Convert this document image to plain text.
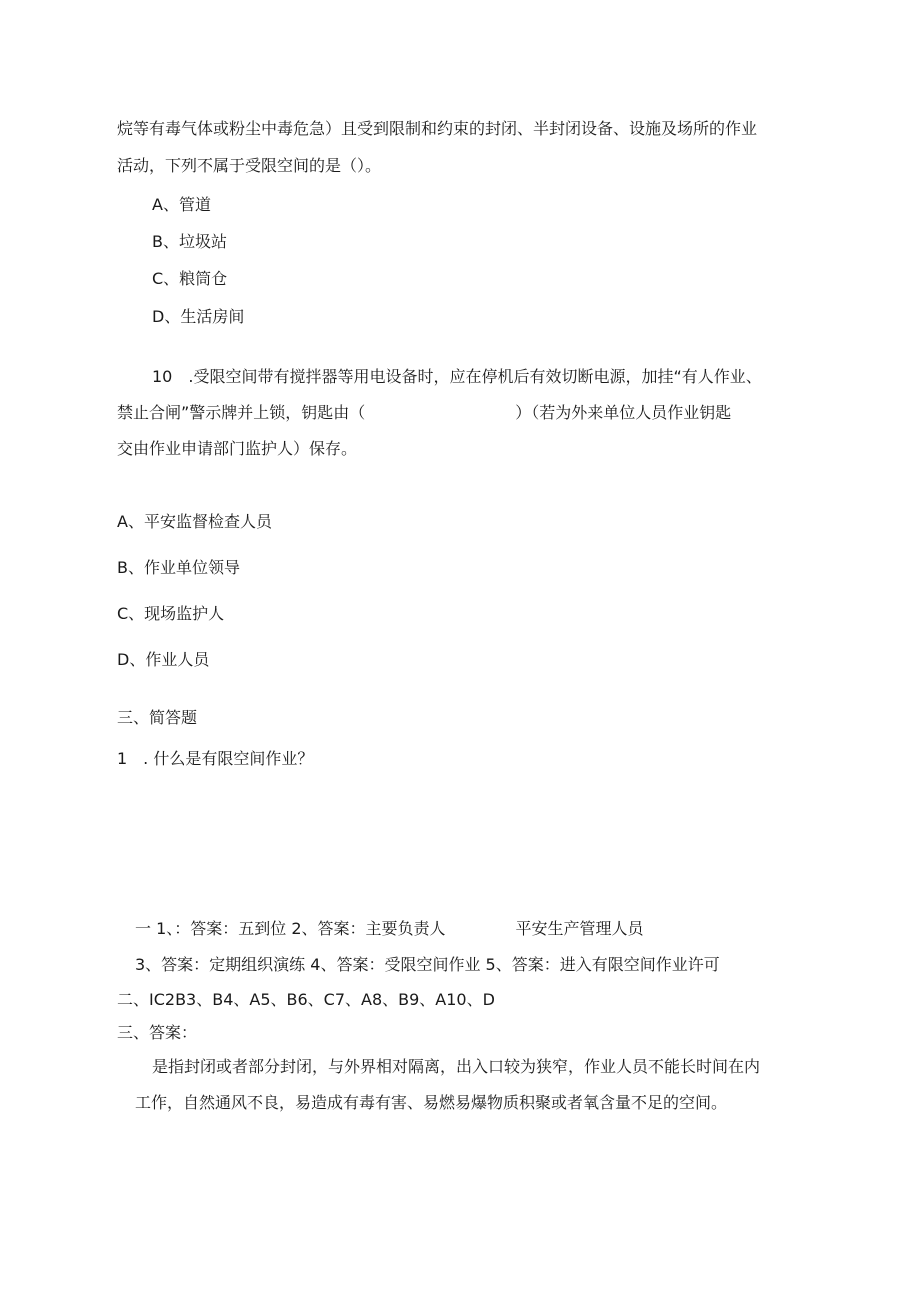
烷等有毒气体或粉尘中毒危急）且受到限制和约束的封闭、半封闭设备、设施及场所的作业
活动，下列不属于受限空间的是（）。
A、管道
B、垃圾站
C、粮筒仓
D、生活房间
10　.受限空间带有搅拌器等用电设备时，应在停机后有效切断电源，加挂“有人作业、
禁止合闸”警示牌并上锁，钥匙由（	）（若为外来单位人员作业钥匙
交由作业申请部门监护人）保存。
A、平安监督检查人员
B、作业单位领导
C、现场监护人
D、作业人员
三、简答题
1　. 什么是有限空间作业？
一 1、：答案：五到位 2、答案：主要负责人	平安生产管理人员
3、答案：定期组织演练 4、答案：受限空间作业 5、答案：进入有限空间作业许可
二、IC2B3、B4、A5、B6、C7、A8、B9、A10、D
三、答案：
是指封闭或者部分封闭，与外界相对隔离，出入口较为狭窄，作业人员不能长时间在内
工作，自然通风不良，易造成有毒有害、易燃易爆物质积聚或者氧含量不足的空间。
